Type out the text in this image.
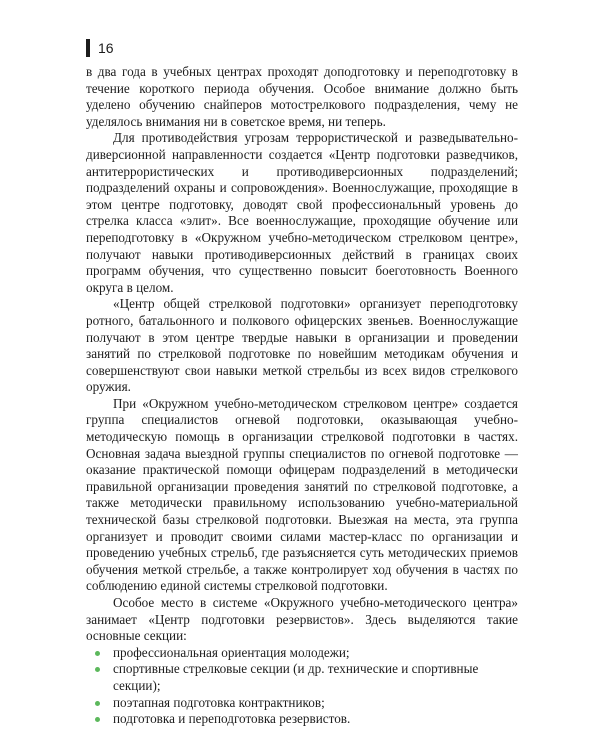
16

в два года в учебных центрах проходят доподготовку и переподготовку в течение короткого периода обучения. Особое внимание должно быть уделено обучению снайперов мотострелкового подразделения, чему не уделялось внимания ни в советское время, ни теперь.

Для противодействия угрозам террористической и разведывательно-диверсионной направленности создается «Центр подготовки разведчиков, антитеррористических и противодиверсионных подразделений; подразделений охраны и сопровождения». Военнослужащие, проходящие в этом центре подготовку, доводят свой профессиональный уровень до стрелка класса «элит». Все военнослужащие, проходящие обучение или переподготовку в «Окружном учебно-методическом стрелковом центре», получают навыки противодиверсионных действий в границах своих программ обучения, что существенно повысит боеготовность Военного округа в целом.

«Центр общей стрелковой подготовки» организует переподготовку ротного, батальонного и полкового офицерских звеньев. Военнослужащие получают в этом центре твердые навыки в организации и проведении занятий по стрелковой подготовке по новейшим методикам обучения и совершенствуют свои навыки меткой стрельбы из всех видов стрелкового оружия.

При «Окружном учебно-методическом стрелковом центре» создается группа специалистов огневой подготовки, оказывающая учебно-методическую помощь в организации стрелковой подготовки в частях. Основная задача выездной группы специалистов по огневой подготовке — оказание практической помощи офицерам подразделений в методически правильной организации проведения занятий по стрелковой подготовке, а также методически правильному использованию учебно-материальной технической базы стрелковой подготовки. Выезжая на места, эта группа организует и проводит своими силами мастер-класс по организации и проведению учебных стрельб, где разъясняется суть методических приемов обучения меткой стрельбе, а также контролирует ход обучения в частях по соблюдению единой системы стрелковой подготовки.

Особое место в системе «Окружного учебно-методического центра» занимает «Центр подготовки резервистов». Здесь выделяются такие основные секции:

профессиональная ориентация молодежи;
спортивные стрелковые секции (и др. технические и спортивные секции);
поэтапная подготовка контрактников;
подготовка и переподготовка резервистов.
